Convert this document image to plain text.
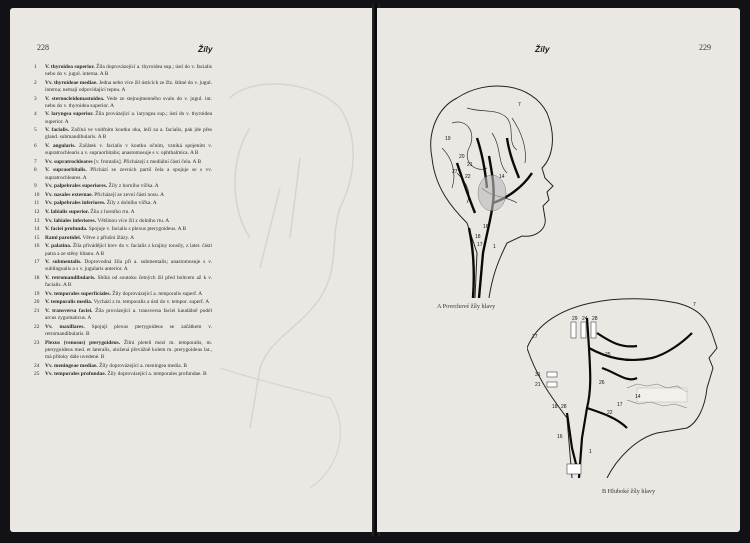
228	Žíly
1 V. thyroidea superior. Žíla doprovázející a. thyroidea sup.; ústí do v. facialis nebo do v. jugul. interna. A B
2 Vv. thyroideae mediae. Jedna nebo více žil ústících ze žlz. štítné do v. jugul. interna; nemají odpovídající tepnu. A
3 V. sternocleidomastoidea. Vede ze stejnojmenného svalu do v. jugul. int. nebo do v. thyroidea superior. A
4 V. laryngea superior. Žíla provázející a. laryngea sup.; ústí do v. thyroidea superior. A
5 V. facialis. Začíná ve vnitřním koutku oka, leží za a. facialis, pak jde přes gland. submandibularis. A B
6 V. angularis. Začátek v. facialis v koutku očním, vzniká spojením v. supratrochlearis a v. supraorbitalis; anastomosuje s v. ophthalmica. A B
7 Vv. supratrochleares [v. frontalis]. Přicházejí z mediální části čela. A B
8 V. supraorbitalis. Přichází ze zevních partií čela a spojuje se s vv. supratrochleares. A
9 Vv. palpebrales superiores. Žíly z horního víčka. A
10 Vv. nasales externae. Přicházejí ze zevní části nosu. A
11 Vv. palpebrales inferiores. Žíly z dolního víčka. A
12 V. labialis superior. Žíla z horního rtu. A
13 Vv. labiales inferiores. Většinou více žil z dolního rtu. A
14 V. faciei profunda. Spojuje v. facialis s plexus pterygoideus. A B
15 Rami parotidei. Větve z příušní žlázy. A
16 V. palatina. Žíla přivádějící krev do v. facialis z krajiny tonsily, z later. části patra a ze stěny hltanu. A B
17 V. submentalis. Doprovodná žíla při a. submentalis; anastomosuje s v. sublingualis a s v. jugularis anterior. A
18 V. retromandibularis. Sbíhá od soutoku četných žil před boltcem až k v. facialis. A B
19 Vv. temporales superficiales. Žíly doprovázející a. temporalis superf. A
20 V. temporalis media. Vychází z m. temporalis a ústí do v. tempor. superf. A
21 V. transversa faciei. Žíla provázející a. transversa faciei kaudálně podél arcus zygomaticus. A
22 Vv. maxillares. Spojují plexus pterygoideus se začátkem v. retromandibularis. B
23 Plexus (venosus) pterygoideus. Žilní pleteň mezi m. temporalis, m. pterygoideus med. et lateralis, uložená převážně kolem m. pterygoideus lat., má přítoky dále uvedené. B
24 Vv. meningeae mediae. Žíly doprovázející a. meningea media. B
25 Vv. temporales profundae. Žíly doprovázející a. temporales profundae. B
Žíly	229
19
20
21
7
14
16
18
17
22
27
1
A Povrchové žíly hlavy
29 24 28
7
27
31
21
25
26
18 28
14
22
17
16
1
B Hluboké žíly hlavy
